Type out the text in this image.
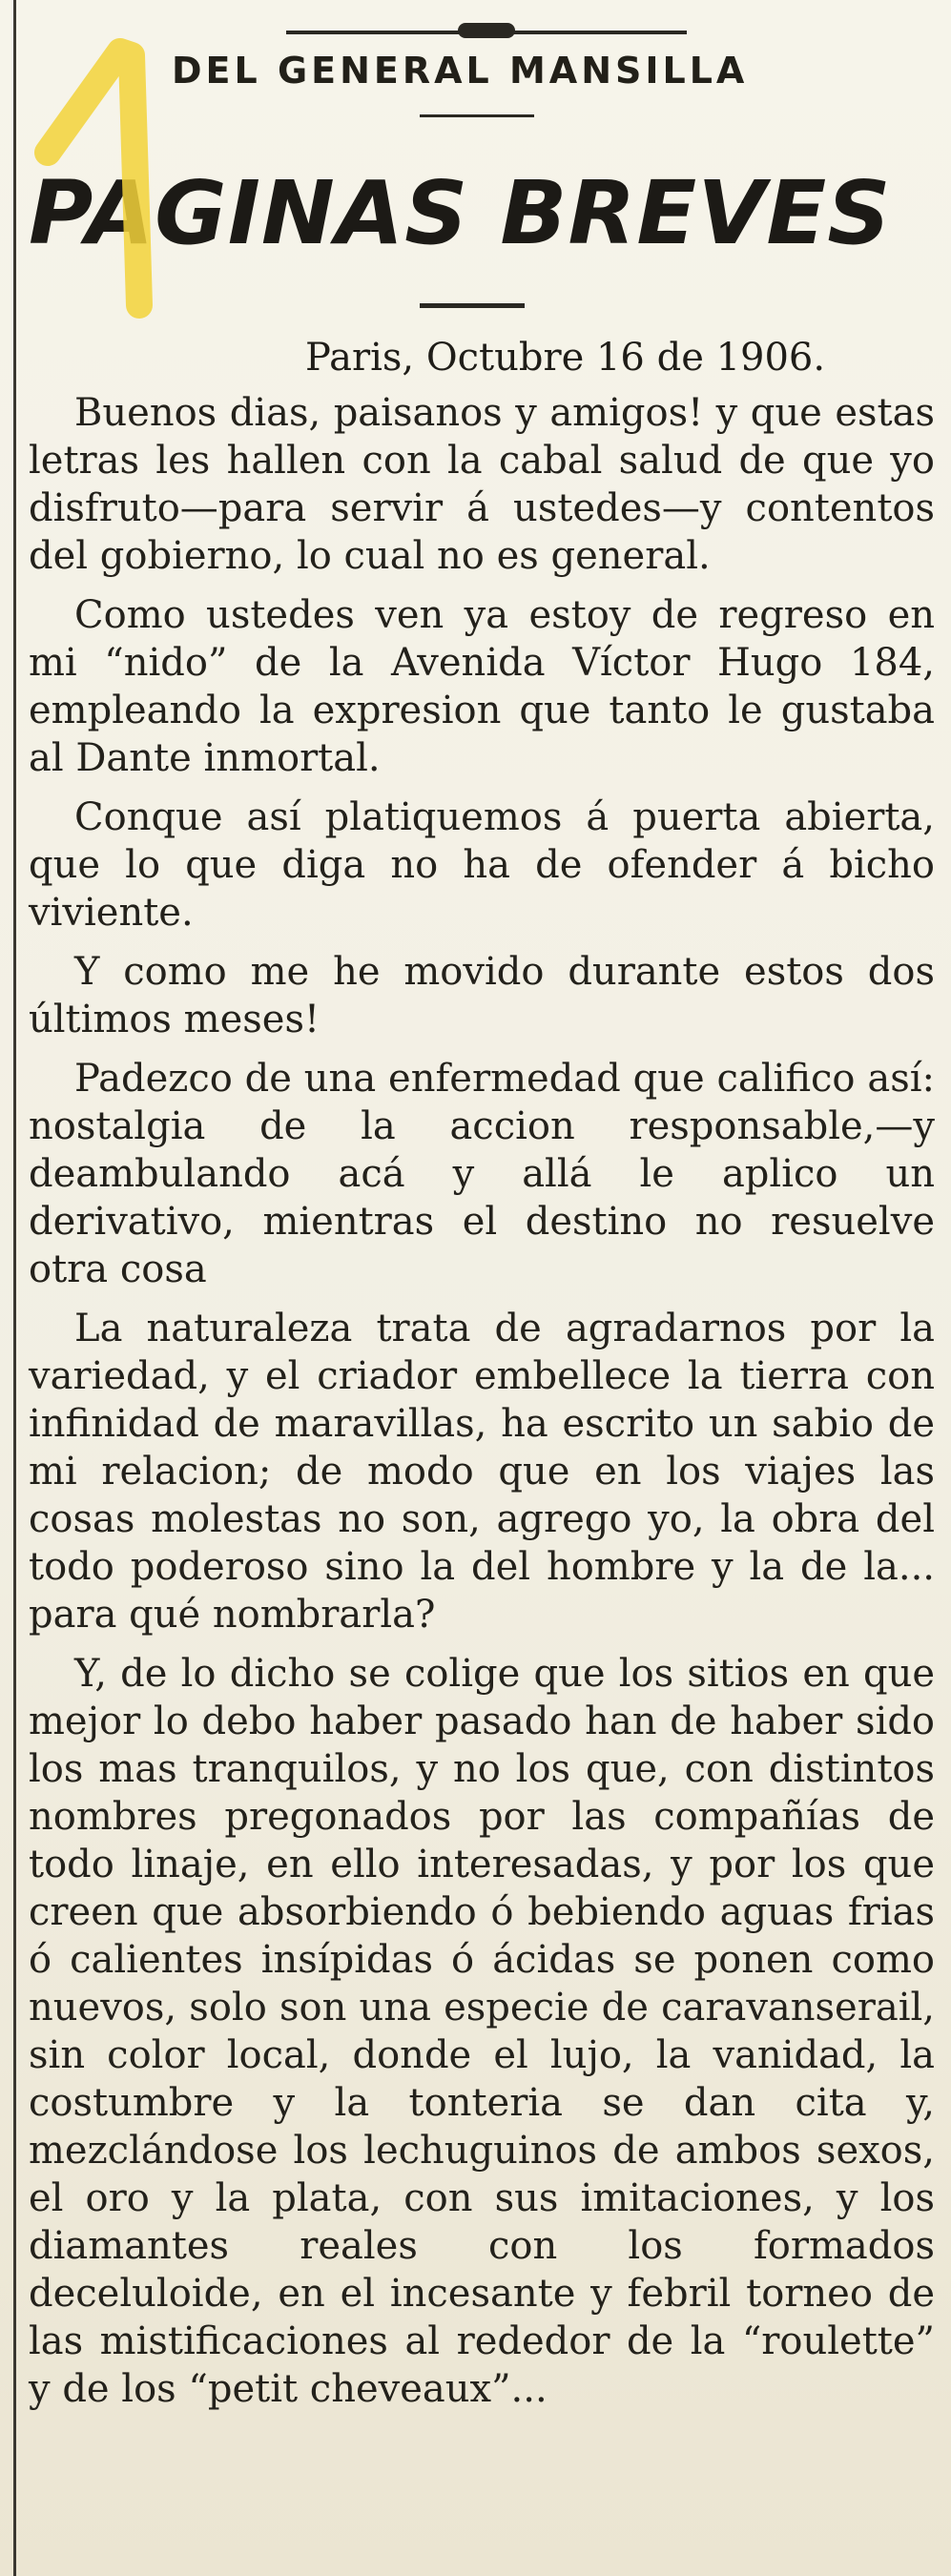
DEL GENERAL MANSILLA
PAGINAS BREVES
Paris, Octubre 16 de 1906.

Buenos dias, paisanos y amigos! y que estas letras les hallen con la cabal salud de que yo disfruto—para servir á ustedes—y contentos del gobierno, lo cual no es general.

Como ustedes ven ya estoy de regreso en mi “nido” de la Avenida Víctor Hugo 184, empleando la expresion que tanto le gustaba al Dante inmortal.

Conque así platiquemos á puerta abierta, que lo que diga no ha de ofender á bicho viviente.

Y como me he movido durante estos dos últimos meses!

Padezco de una enfermedad que califico así: nostalgia de la accion responsable,—y deambulando acá y allá le aplico un derivativo, mientras el destino no resuelve otra cosa

La naturaleza trata de agradarnos por la variedad, y el criador embellece la tierra con infinidad de maravillas, ha escrito un sabio de mi relacion; de modo que en los viajes las cosas molestas no son, agrego yo, la obra del todo poderoso sino la del hombre y la de la... para qué nombrarla?

Y, de lo dicho se colige que los sitios en que mejor lo debo haber pasado han de haber sido los mas tranquilos, y no los que, con distintos nombres pregonados por las compañías de todo linaje, en ello interesadas, y por los que creen que absorbiendo ó bebiendo aguas frias ó calientes insípidas ó ácidas se ponen como nuevos, solo son una especie de caravanserail, sin color local, donde el lujo, la vanidad, la costumbre y la tonteria se dan cita y, mezclándose los lechuguinos de ambos sexos, el oro y la plata, con sus imitaciones, y los diamantes reales con los formados deceluloide, en el incesante y febril torneo de las mistificaciones al rededor de la “roulette” y de los “petit cheveaux”...
